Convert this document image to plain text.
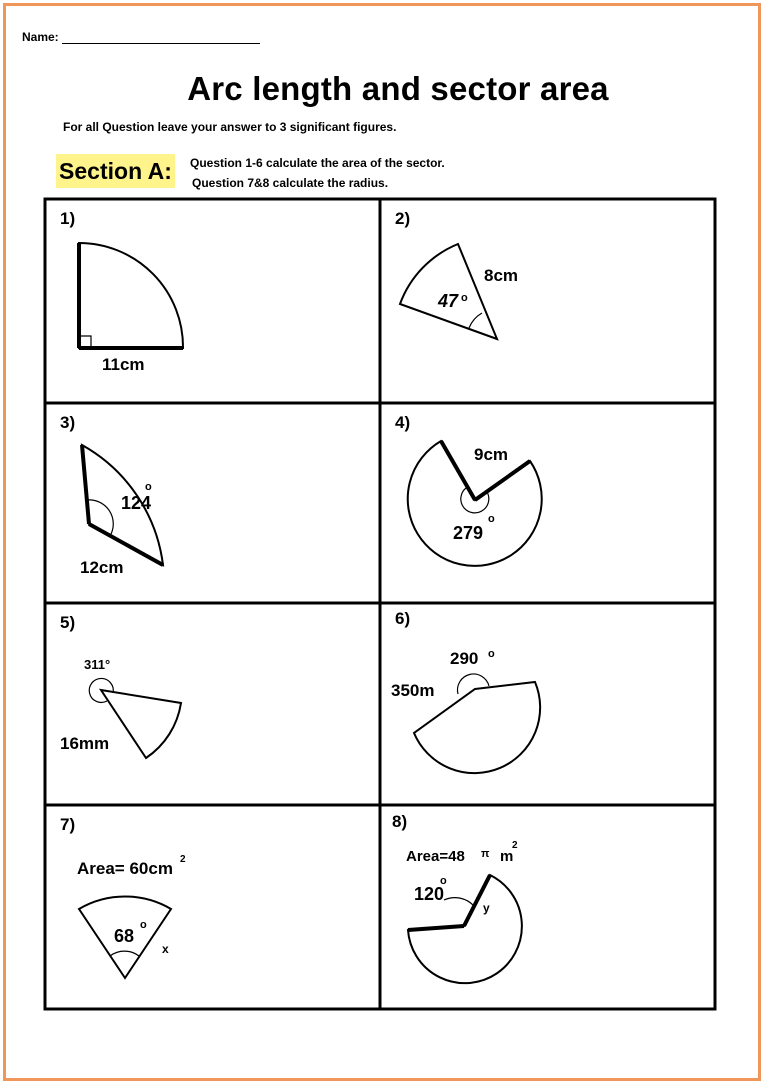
Name:
Arc length and sector area
For all Question leave your answer to 3 significant figures.
Section A: Question 1-6 calculate the area of the sector.
Question 7&8 calculate the radius.
1)	2)
3)	4)
5)	6)
7)	8)
11cm
8cm
47 o
124
o
12cm
9cm
279
o
311°
16mm
290 o
350m
Area= 60cm 2
68
o
x
Area=48 π m
2
120
o
y
